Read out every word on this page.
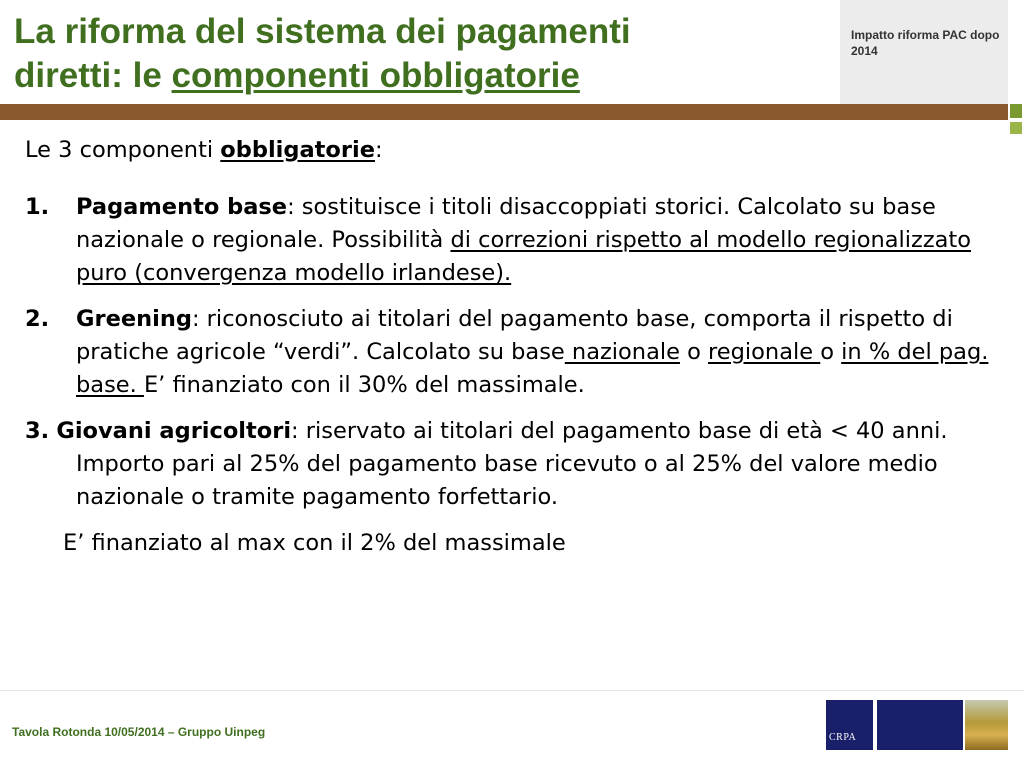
La riforma del sistema dei pagamenti
diretti: le componenti obbligatorie
Impatto riforma PAC dopo 2014

Le 3 componenti obbligatorie:

1. Pagamento base: sostituisce i titoli disaccoppiati storici. Calcolato su base nazionale o regionale. Possibilità di correzioni rispetto al modello regionalizzato puro (convergenza modello irlandese).
2. Greening: riconosciuto ai titolari del pagamento base, comporta il rispetto di pratiche agricole “verdi”. Calcolato su base nazionale o regionale o in % del pag. base. E’ finanziato con il 30% del massimale.
3. Giovani agricoltori: riservato ai titolari del pagamento base di età < 40 anni. Importo pari al 25% del pagamento base ricevuto o al 25% del valore medio nazionale o tramite pagamento forfettario.

E’ finanziato al max con il 2% del massimale

Tavola Rotonda 10/05/2014 – Gruppo Uinpeg	CRPA
